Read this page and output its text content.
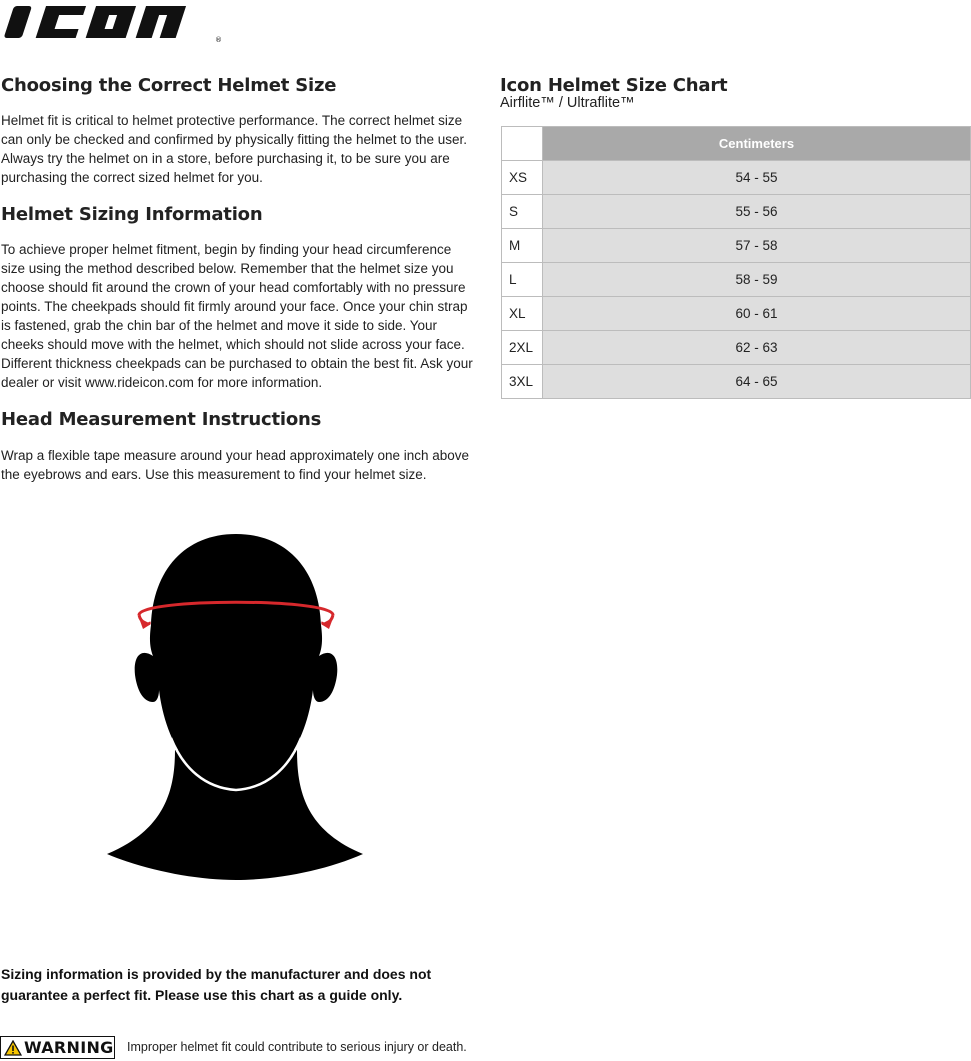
®
Choosing the Correct Helmet Size

Helmet fit is critical to helmet protective performance. The correct helmet size can only be checked and confirmed by physically fitting the helmet to the user. Always try the helmet on in a store, before purchasing it, to be sure you are purchasing the correct sized helmet for you.

Helmet Sizing Information

To achieve proper helmet fitment, begin by finding your head circumference size using the method described below. Remember that the helmet size you choose should fit around the crown of your head comfortably with no pressure points. The cheekpads should fit firmly around your face. Once your chin strap is fastened, grab the chin bar of the helmet and move it side to side. Your cheeks should move with the helmet, which should not slide across your face. Different thickness cheekpads can be purchased to obtain the best fit. Ask your dealer or visit www.rideicon.com for more information.

Head Measurement Instructions

Wrap a flexible tape measure around your head approximately one inch above the eyebrows and ears. Use this measurement to find your helmet size.

Sizing information is provided by the manufacturer and does not guarantee a perfect fit. Please use this chart as a guide only.
WARNING Improper helmet fit could contribute to serious injury or death.
Icon Helmet Size Chart
Airflite™ / Ultraflite™
	Centimeters
XS	54 - 55
S	55 - 56
M	57 - 58
L	58 - 59
XL	60 - 61
2XL	62 - 63
3XL	64 - 65
